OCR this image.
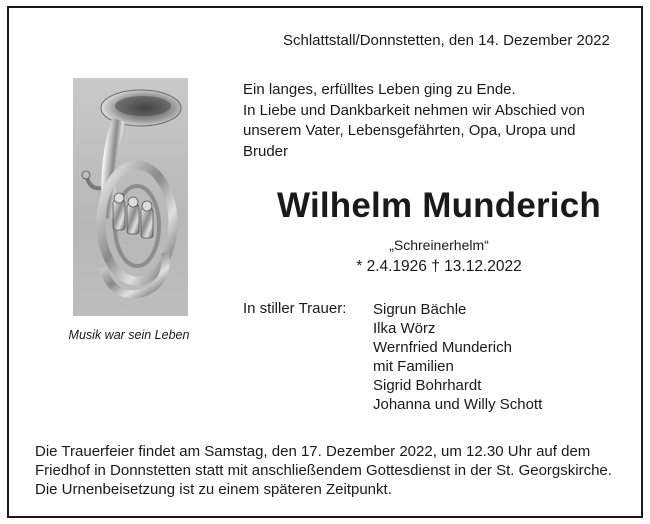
Schlattstall/Donnstetten, den 14. Dezember 2022
Musik war sein Leben
Ein langes, erfülltes Leben ging zu Ende.
In Liebe und Dankbarkeit nehmen wir Abschied von
unserem Vater, Lebensgefährten, Opa, Uropa und
Bruder
Wilhelm Munderich
„Schreinerhelm“
* 2.4.1926 † 13.12.2022
In stiller Trauer: Sigrun Bächle
Ilka Wörz
Wernfried Munderich
mit Familien
Sigrid Bohrhardt
Johanna und Willy Schott
Die Trauerfeier findet am Samstag, den 17. Dezember 2022, um 12.30 Uhr auf dem
Friedhof in Donnstetten statt mit anschließendem Gottesdienst in der St. Georgskirche.
Die Urnenbeisetzung ist zu einem späteren Zeitpunkt.
